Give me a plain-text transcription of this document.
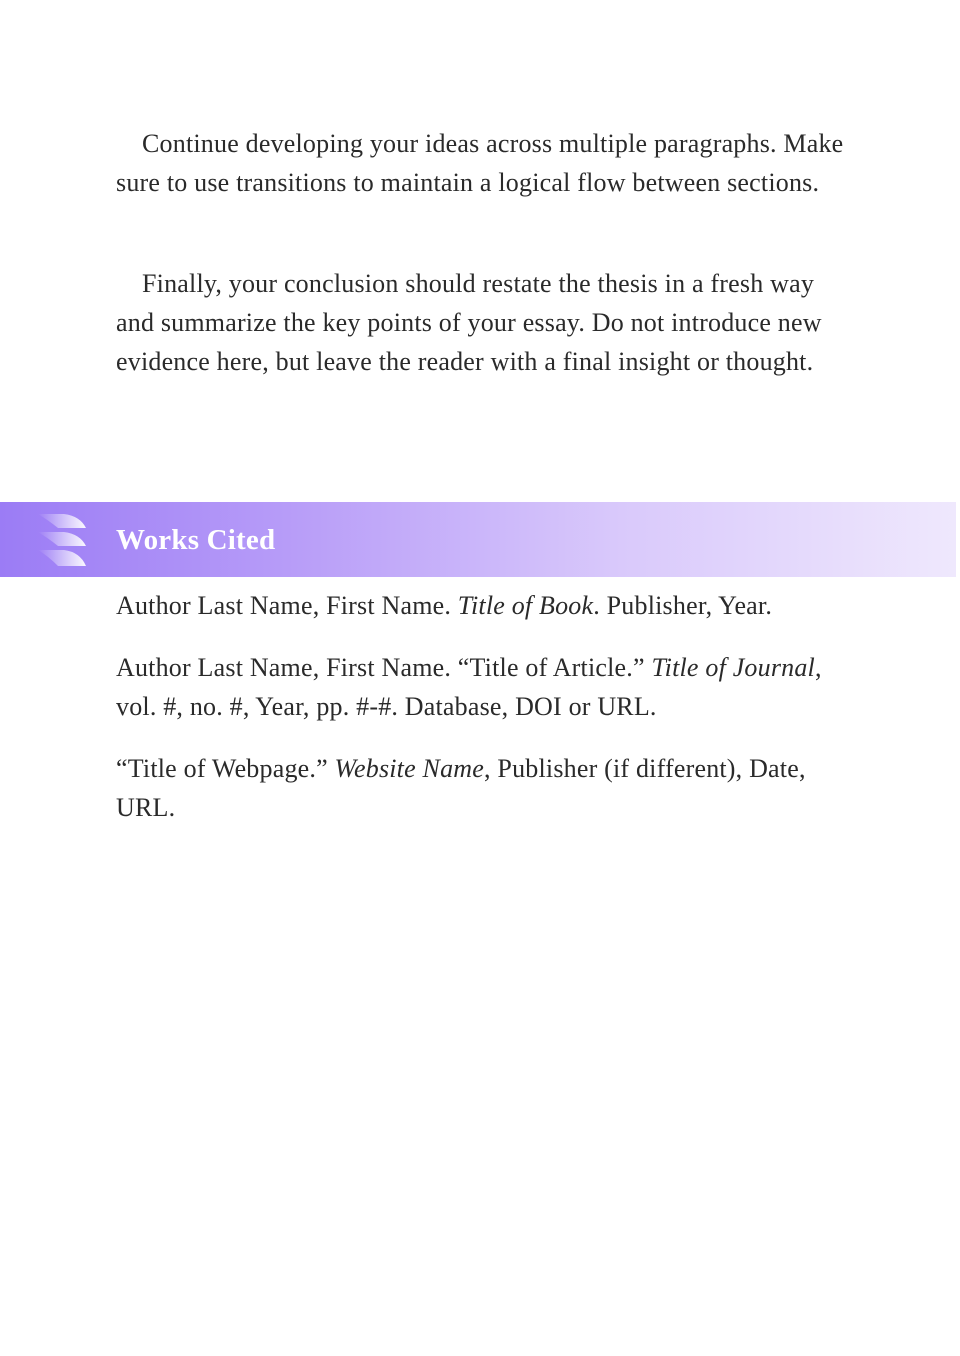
Continue developing your ideas across multiple paragraphs. Make sure to use transitions to maintain a logical flow between sections.

Finally, your conclusion should restate the thesis in a fresh way and summarize the key points of your essay. Do not introduce new evidence here, but leave the reader with a final insight or thought.

Works Cited

Author Last Name, First Name. Title of Book. Publisher, Year.

Author Last Name, First Name. “Title of Article.” Title of Journal, vol. #, no. #, Year, pp. #-#. Database, DOI or URL.

“Title of Webpage.” Website Name, Publisher (if different), Date, URL.
